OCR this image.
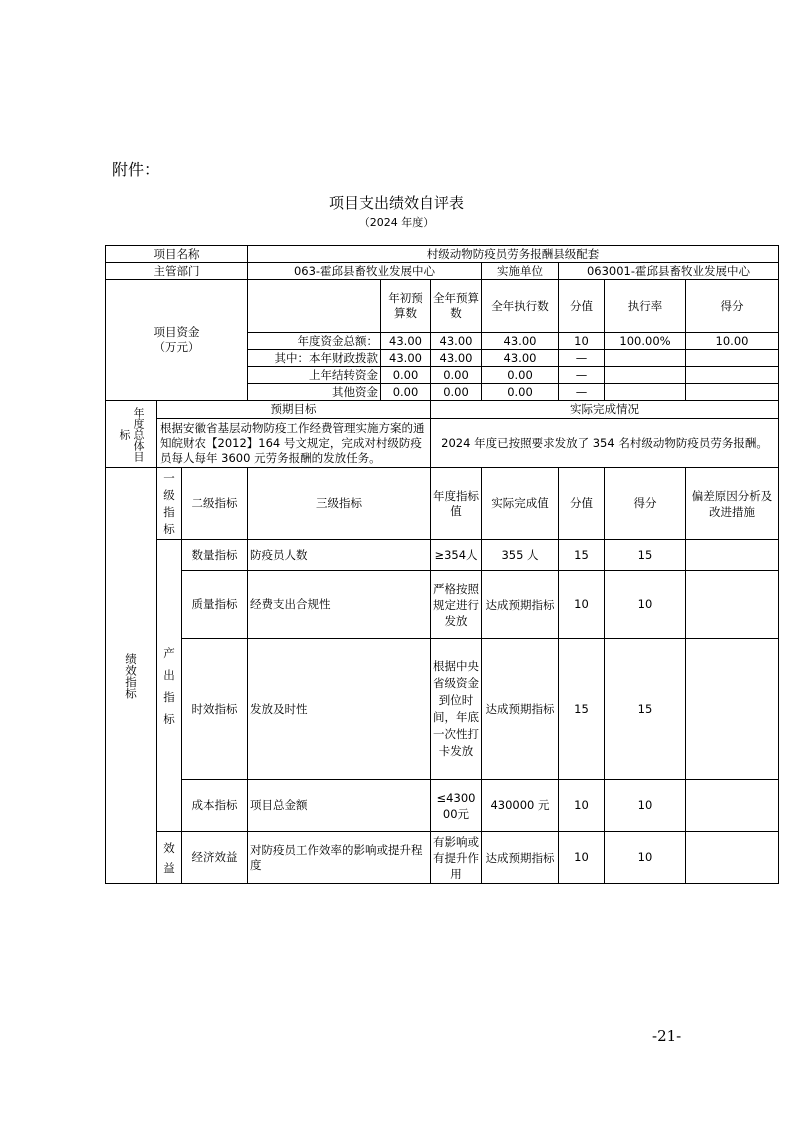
附件：
项目支出绩效自评表
（2024 年度）
项目名称			村级动物防疫员劳务报酬县级配套						
主管部门			063-霍邱县畜牧业发展中心			实施单位	063001-霍邱县畜牧业发展中心		

项目资金
（万元）				年初预算数	全年预算数	全年执行数	分值	执行率	得分
			年度资金总额：	43.00	43.00	43.00	10	100.00%	10.00
			其中：本年财政拨款	43.00	43.00	43.00	—		
			上年结转资金	0.00	0.00	0.00	—		
			其他资金	0.00	0.00	0.00	—		

标 年度总体目	预期目标				实际完成情况				
	根据安徽省基层动物防疫工作经费管理实施方案的通知皖财农【2012】164 号文规定，完成对村级防疫员每人每年 3600 元劳务报酬的发放任务。				2024 年度已按照要求发放了 354 名村级动物防疫员劳务报酬。				

绩效指标	一级指标	二级指标	三级指标		年度指标值	实际完成值	分值	得分	偏差原因分析及改进措施

	产出指标	数量指标	防疫员人数		≥354人	355 人	15	15	
		质量指标	经费支出合规性		严格按照规定进行发放	达成预期指标	10	10	
		时效指标	发放及时性		根据中央省级资金到位时间，年底一次性打卡发放	达成预期指标	15	15	
		成本指标	项目总金额		≤430000元	430000 元	10	10	

	效益	经济效益	对防疫员工作效率的影响或提升程度		有影响或有提升作用	达成预期指标	10	10	
-21-
